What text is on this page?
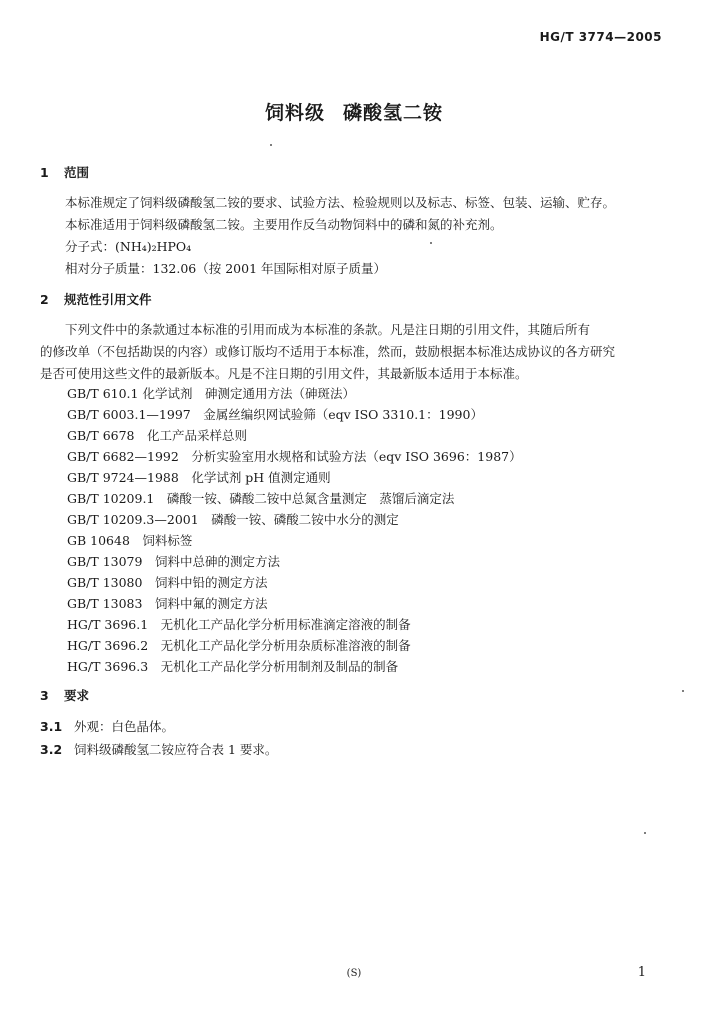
HG/T 3774—2005
饲料级 磷酸氢二铵
1 范围
本标准规定了饲料级磷酸氢二铵的要求、试验方法、检验规则以及标志、标签、包装、运输、贮存。
本标准适用于饲料级磷酸氢二铵。主要用作反刍动物饲料中的磷和氮的补充剂。
分子式：(NH₄)₂HPO₄
相对分子质量：132.06（按 2001 年国际相对原子质量）
2 规范性引用文件
下列文件中的条款通过本标准的引用而成为本标准的条款。凡是注日期的引用文件，其随后所有
的修改单（不包括勘误的内容）或修订版均不适用于本标准，然而，鼓励根据本标准达成协议的各方研究
是否可使用这些文件的最新版本。凡是不注日期的引用文件，其最新版本适用于本标准。
GB/T 610.1 化学试剂　砷测定通用方法（砷斑法）
GB/T 6003.1—1997　金属丝编织网试验筛（eqv ISO 3310.1：1990）
GB/T 6678　化工产品采样总则
GB/T 6682—1992　分析实验室用水规格和试验方法（eqv ISO 3696：1987）
GB/T 9724—1988　化学试剂 pH 值测定通则
GB/T 10209.1　磷酸一铵、磷酸二铵中总氮含量测定　蒸馏后滴定法
GB/T 10209.3—2001　磷酸一铵、磷酸二铵中水分的测定
GB 10648　饲料标签
GB/T 13079　饲料中总砷的测定方法
GB/T 13080　饲料中铅的测定方法
GB/T 13083　饲料中氟的测定方法
HG/T 3696.1　无机化工产品化学分析用标准滴定溶液的制备
HG/T 3696.2　无机化工产品化学分析用杂质标准溶液的制备
HG/T 3696.3　无机化工产品化学分析用制剂及制品的制备
3 要求
3.1 外观：白色晶体。
3.2 饲料级磷酸氢二铵应符合表 1 要求。
(S)	1
